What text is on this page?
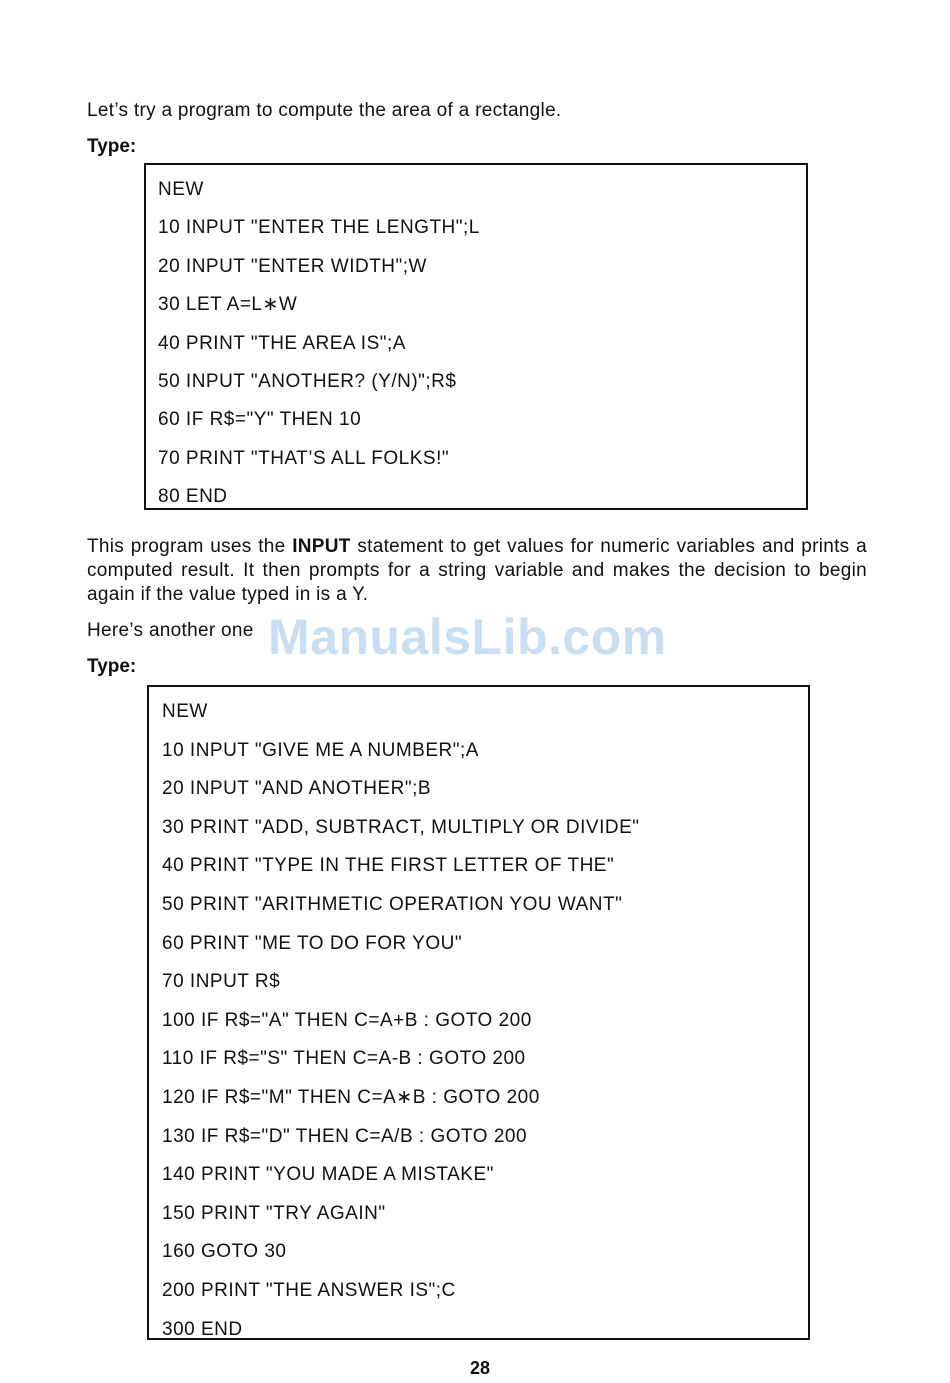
Let’s try a program to compute the area of a rectangle.

Type:

NEW
10 INPUT "ENTER THE LENGTH";L
20 INPUT "ENTER WIDTH";W
30 LET A=L∗W
40 PRINT "THE AREA IS";A
50 INPUT "ANOTHER? (Y/N)";R$
60 IF R$="Y" THEN 10
70 PRINT "THAT’S ALL FOLKS!"
80 END

This program uses the INPUT statement to get values for numeric variables and prints a computed result. It then prompts for a string variable and makes the decision to begin again if the value typed in is a Y.

Here’s another one ManualsLib.com

Type:

NEW
10 INPUT "GIVE ME A NUMBER";A
20 INPUT "AND ANOTHER";B
30 PRINT "ADD, SUBTRACT, MULTIPLY OR DIVIDE"
40 PRINT "TYPE IN THE FIRST LETTER OF THE"
50 PRINT "ARITHMETIC OPERATION YOU WANT"
60 PRINT "ME TO DO FOR YOU"
70 INPUT R$
100 IF R$="A" THEN C=A+B : GOTO 200
110 IF R$="S" THEN C=A-B : GOTO 200
120 IF R$="M" THEN C=A∗B : GOTO 200
130 IF R$="D" THEN C=A/B : GOTO 200
140 PRINT "YOU MADE A MISTAKE"
150 PRINT "TRY AGAIN"
160 GOTO 30
200 PRINT "THE ANSWER IS";C
300 END
28
